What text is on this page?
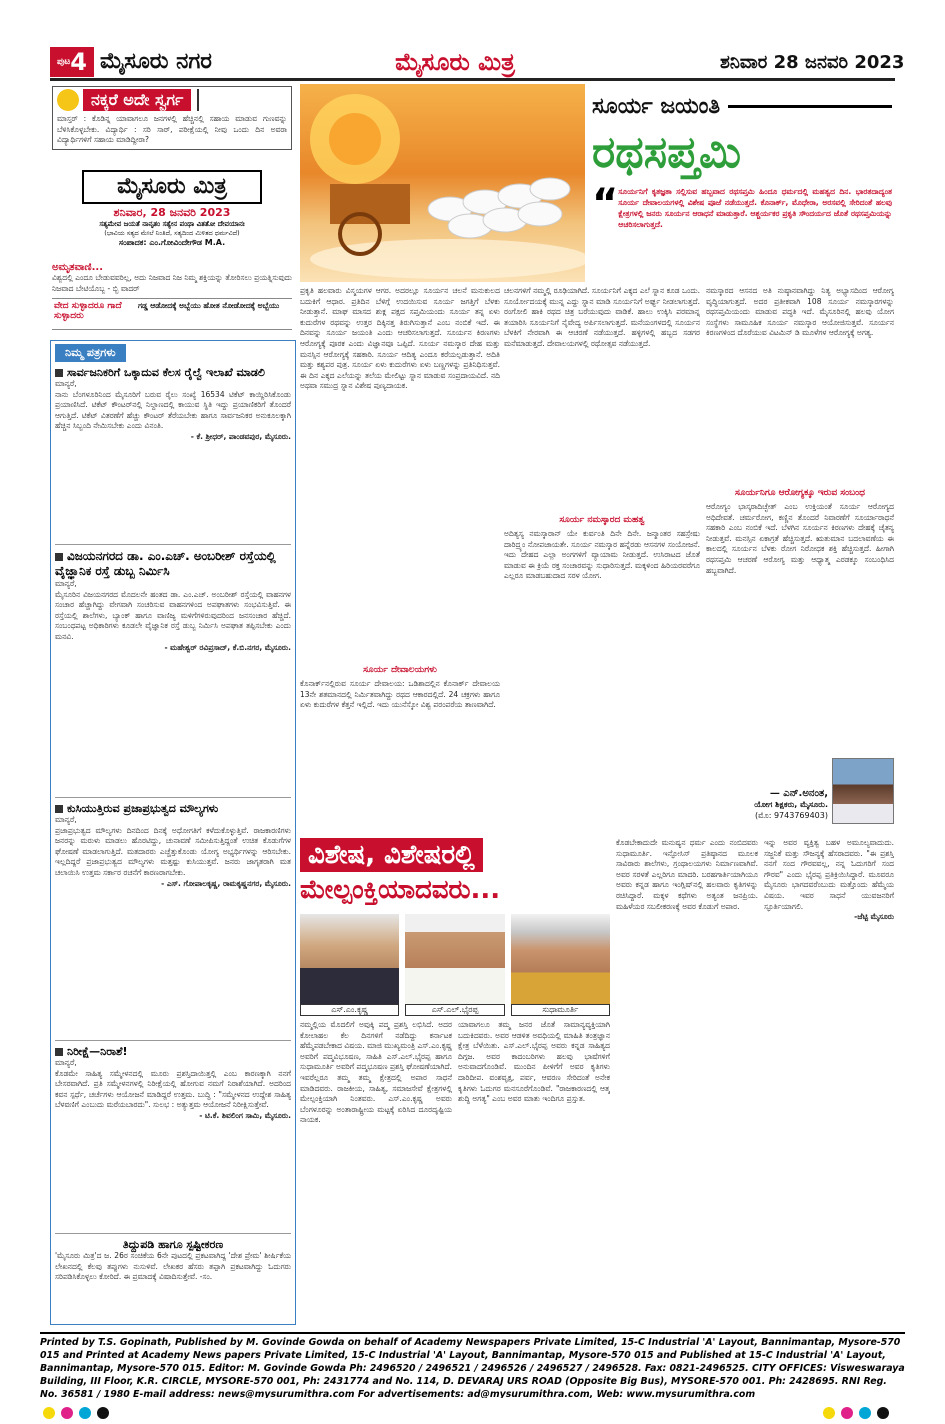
$^{ಪುಟ}$4 ಮೈಸೂರು ನಗರ	ಮೈಸೂರು ಮಿತ್ರ	ಶನಿವಾರ 28 ಜನವರಿ 2023
ನಕ್ಕರೆ ಅದೇ ಸ್ವರ್ಗ
ಮಾಸ್ತರ್ : ಕೊಡಿನ್ನ ಯಾವಾಗಲೂ ಜನಗಳಲ್ಲಿ ಹೆಚ್ಚಿನಲ್ಲಿ ಸಹಾಯ ಮಾಡುವ ಗುಣವನ್ನು ಬೆಳಿಸಿಕೊಳ್ಳಬೇಕು. ವಿದ್ಯಾರ್ಥಿ : ಸರಿ ಸಾರ್, ಪರೀಕ್ಷೆಯಲ್ಲಿ ನೀವು ಒಂದು ದಿನ ಅವರಾ ವಿದ್ಯಾರ್ಥಿಗಳಿಗೆ ಸಹಾಯ ಮಾಡಿದ್ದೀರಾ?
ಮೈಸೂರು ಮಿತ್ರ
ಶನಿವಾರ, 28 ಜನವರಿ 2023
ಸತ್ಯಮೇವ ಜಯತೆ ನಾನೃತಂ ಸತ್ಯೇನ ಪಂಥಾ ವಿತತೋ ದೇವಯಾನಃ
(ಭಾವಿಯ ಸತ್ಯದ ಮೇಲೆ ನಿಂತಿದೆ, ಸತ್ಯದಿಂದ ಮಿಳಿತದ ಧರ್ಮವಿದೆ)
ಸಂಪಾದಕ: ಎಂ.ಗೋವಿಂದೇಗೌಡ M.A.
ಅಮೃತವಾಣಿ...
ವಿಶ್ವದಲ್ಲಿ ಎಂದೂ ಬೇಡುವವರಿಲ್ಲ, ಅದು ನಿಜವಾದ ನಿಜ ನಿಮ್ಮ ಶಕ್ತಿಯನ್ನು ತೋರಿಸಲು ಪ್ರಯತ್ನಿಸುವುದು ನಿಜವಾದ ಬೇಟಿಯೊಬ್ಬ - ಬ್ಬಿ ವಾದರ್
ವೇದ ಸುಳ್ಳಾದರೂ ಗಾದೆ ಸುಳ್ಳಾದರು
ಗಡ್ಡ ಆಡೋದಕ್ಕೆ ಅಬ್ಬೆಯು ಹೋತ ನೋಡೋದಕ್ಕೆ ಅಬ್ಬೆಯು
ನಿಮ್ಮ ಪತ್ರಗಳು
ಸಾರ್ವಜನಿಕರಿಗೆ ಒಕ್ಕಾದುವ ಕೆಲಸ ರೈಲ್ವೆ ಇಲಾಖೆ ಮಾಡಲಿ
ಮಾನ್ಯರೆ,
ನಾನು ಬೆಂಗಳೂರಿನಿಂದ ಮೈಸೂರಿಗೆ ಬರುವ ರೈಲು ಸಂಖ್ಯೆ 16534 ಟಿಕೆಟ್ ಕಾಯ್ದಿರಿಸಿಕೊಂಡು ಪ್ರಯಾಣಿಸಿದೆ. ಟಿಕೆಟ್ ಕೌಂಟರ್‌ನಲ್ಲಿ ನಿಲ್ದಾಣದಲ್ಲಿ ಕಾಯುವ ಸ್ಥಿತಿ ಇದ್ದು ಪ್ರಯಾಣಿಕರಿಗೆ ತೊಂದರೆ ಆಗುತ್ತಿದೆ. ಟಿಕೆಟ್ ವಿತರಣೆಗೆ ಹೆಚ್ಚು ಕೌಂಟರ್ ತೆರೆಯಬೇಕು ಹಾಗೂ ಸಾರ್ವಜನಿಕರ ಅನುಕೂಲಕ್ಕಾಗಿ ಹೆಚ್ಚಿನ ಸಿಬ್ಬಂದಿ ನೇಮಿಸಬೇಕು ಎಂದು ವಿನಂತಿ.
- ಕೆ. ಶ್ರೀಧರ್, ಪಾಂಡವಪುರ, ಮೈಸೂರು.
ವಿಜಯನಗರದ ಡಾ. ಎಂ.ಎಚ್. ಅಂಬರೀಶ್ ರಸ್ತೆಯಲ್ಲಿ ವೈಜ್ಞಾನಿಕ ರಸ್ತೆ ಡುಬ್ಬ ನಿರ್ಮಿಸಿ
ಮಾನ್ಯರೆ,
ಮೈಸೂರಿನ ವಿಜಯನಗರದ ಮೊದಲನೇ ಹಂತದ ಡಾ. ಎಂ.ಎಚ್. ಅಂಬರೀಶ್ ರಸ್ತೆಯಲ್ಲಿ ವಾಹನಗಳ ಸಂಚಾರ ಹೆಚ್ಚಾಗಿದ್ದು ವೇಗವಾಗಿ ಸಂಚರಿಸುವ ವಾಹನಗಳಿಂದ ಅಪಘಾತಗಳು ಸಂಭವಿಸುತ್ತಿವೆ. ಈ ರಸ್ತೆಯಲ್ಲಿ ಶಾಲೆಗಳು, ಬ್ಯಾಂಕ್ ಹಾಗೂ ವಾಣಿಜ್ಯ ಮಳಿಗೆಗಳಿರುವುದರಿಂದ ಜನಸಂಚಾರ ಹೆಚ್ಚಿದೆ. ಸಂಬಂಧಪಟ್ಟ ಅಧಿಕಾರಿಗಳು ಕೂಡಲೇ ವೈಜ್ಞಾನಿಕ ರಸ್ತೆ ಡುಬ್ಬ ನಿರ್ಮಿಸಿ ಅಪಘಾತ ತಪ್ಪಿಸಬೇಕು ಎಂದು ಮನವಿ.
- ಮಹೇಶ್ವರ್ ರವಿಪ್ರಸಾದ್, ಕೆ.ಬಿ.ನಗರ, ಮೈಸೂರು.
ಕುಸಿಯುತ್ತಿರುವ ಪ್ರಜಾಪ್ರಭುತ್ವದ ಮೌಲ್ಯಗಳು
ಮಾನ್ಯರೆ,
ಪ್ರಜಾಪ್ರಭುತ್ವದ ಮೌಲ್ಯಗಳು ದಿನದಿಂದ ದಿನಕ್ಕೆ ಅಧೋಗತಿಗೆ ಕಳೆದುಕೊಳ್ಳುತ್ತಿವೆ. ರಾಜಕಾರಣಿಗಳು ಜನರನ್ನು ಮರುಳು ಮಾಡಲು ಹೊರಟಿದ್ದು, ಚುನಾವಣೆ ಸಮೀಪಿಸುತ್ತಿದ್ದಂತೆ ಉಚಿತ ಕೊಡುಗೆಗಳ ಘೋಷಣೆ ಮಾಡಲಾಗುತ್ತಿದೆ. ಮತದಾರರು ಎಚ್ಚೆತ್ತುಕೊಂಡು ಯೋಗ್ಯ ಅಭ್ಯರ್ಥಿಗಳನ್ನು ಆರಿಸಬೇಕು. ಇಲ್ಲದಿದ್ದರೆ ಪ್ರಜಾಪ್ರಭುತ್ವದ ಮೌಲ್ಯಗಳು ಮತ್ತಷ್ಟು ಕುಸಿಯುತ್ತವೆ. ಜನರು ಜಾಗೃತರಾಗಿ ಮತ ಚಲಾಯಿಸಿ ಉತ್ತಮ ಸರ್ಕಾರ ರಚನೆಗೆ ಕಾರಣರಾಗಬೇಕು.
- ಎಸ್. ಗೋಪಾಲಕೃಷ್ಣ, ರಾಮಕೃಷ್ಣನಗರ, ಮೈಸೂರು.
ನಿರೀಕ್ಷೆ—ನಿರಾಶೆ!
ಮಾನ್ಯರೆ,
ಕೊಡಮೇ ಸಾಹಿತ್ಯ ಸಮ್ಮೇಳನದಲ್ಲಿ ಮೂರು ಪ್ರಶಸ್ತಿದಾಯಿತ್ತಲ್ಲಿ ಎಂಬ ಕಾರಣಕ್ಕಾಗಿ ನನಗೆ ಬೇಸರವಾಗಿದೆ. ಪ್ರತಿ ಸಮ್ಮೇಳನಗಳಲ್ಲಿ ನಿರೀಕ್ಷೆಯಲ್ಲಿ ಹೋಗುವ ನಮಗೆ ನಿರಾಶೆಯಾಗಿದೆ. ಅದರಿಂದ ಕವನ ಸ್ಪರ್ಧೆ, ಚರ್ಚೆಗಳು ಆಯೋಜನೆ ಮಾಡಿದ್ದರೆ ಉತ್ತಮ. ಬುದ್ಧಿ : "ಸಮ್ಮೇಳನದ ಉದ್ದೇಶ ಸಾಹಿತ್ಯ ಬೆಳವಣಿಗೆ ಎಂಬುದು ಮರೆಯಬಾರದು". ಸುಲಭ : ಅತ್ಯುತ್ತಮ ಆಯೋಜನೆ ನಿರೀಕ್ಷಿಸುತ್ತೇವೆ.
- ಟಿ.ಕೆ. ಶಿವಲಿಂಗ ಸಾಮಿ, ಮೈಸೂರು.
ತಿದ್ದುಪಡಿ ಹಾಗೂ ಸ್ಪಷ್ಟೀಕರಣ
'ಮೈಸೂರು ಮಿತ್ರ'ದ ಜ. 26ರ ಸಂಚಿಕೆಯ 6ನೇ ಪುಟದಲ್ಲಿ ಪ್ರಕಟವಾಗಿದ್ದ 'ದೇಶ ಪ್ರೇಮ' ಶೀರ್ಷಿಕೆಯ ಲೇಖನದಲ್ಲಿ ಕೆಲವು ತಪ್ಪುಗಳು ನುಸುಳಿವೆ. ಲೇಖಕರ ಹೆಸರು ತಪ್ಪಾಗಿ ಪ್ರಕಟವಾಗಿದ್ದು ಓದುಗರು ಸರಿಪಡಿಸಿಕೊಳ್ಳಲು ಕೋರಿದೆ. ಈ ಪ್ರಮಾದಕ್ಕೆ ವಿಷಾದಿಸುತ್ತೇವೆ. -ಸಂ.
ಸೂರ್ಯ ಜಯಂತಿ
ರಥಸಪ್ತಮಿ
“ ಸೂರ್ಯನಿಗೆ ಕೃತಜ್ಞತಾ ಸಲ್ಲಿಸುವ ಹಬ್ಬವಾದ ರಥಸಪ್ತಮಿ ಹಿಂದೂ ಧರ್ಮದಲ್ಲಿ ಮಹತ್ವದ ದಿನ. ಭಾರತದಾದ್ಯಂತ ಸೂರ್ಯ ದೇವಾಲಯಗಳಲ್ಲಿ ವಿಶೇಷ ಪೂಜೆ ನಡೆಯುತ್ತದೆ. ಕೊನಾರ್ಕ್, ಮೊಧೇರಾ, ಅರಸವಲ್ಲಿ ಸೇರಿದಂತೆ ಹಲವು ಕ್ಷೇತ್ರಗಳಲ್ಲಿ ಜನರು ಸೂರ್ಯನ ಆರಾಧನೆ ಮಾಡುತ್ತಾರೆ. ಆಶ್ಚರ್ಯಕರ ಪ್ರಕೃತಿ ಸೌಂದರ್ಯದ ಜೊತೆ ರಥಸಪ್ತಮಿಯನ್ನು ಆಚರಿಸಲಾಗುತ್ತದೆ.
ಪ್ರಕೃತಿ ಹಲವಾರು ವಿಸ್ಮಯಗಳ ಆಗರ. ಅದರಲ್ಲೂ ಸೂರ್ಯನ ಚಲನೆ ಮನುಕುಲದ ಬದುಕಿಗೆ ಆಧಾರ. ಪ್ರತಿದಿನ ಬೆಳಿಗ್ಗೆ ಉದಯಿಸುವ ಸೂರ್ಯ ಜಗತ್ತಿಗೆ ಬೆಳಕು ನೀಡುತ್ತಾನೆ. ಮಾಘ ಮಾಸದ ಶುಕ್ಲ ಪಕ್ಷದ ಸಪ್ತಮಿಯಂದು ಸೂರ್ಯ ತನ್ನ ಏಳು ಕುದುರೆಗಳ ರಥವನ್ನು ಉತ್ತರ ದಿಕ್ಕಿನತ್ತ ತಿರುಗಿಸುತ್ತಾನೆ ಎಂಬ ನಂಬಿಕೆ ಇದೆ. ಈ ದಿನವನ್ನು ಸೂರ್ಯ ಜಯಂತಿ ಎಂದು ಆಚರಿಸಲಾಗುತ್ತದೆ. ಸೂರ್ಯನ ಕಿರಣಗಳು ಆರೋಗ್ಯಕ್ಕೆ ಪೂರಕ ಎಂದು ವಿಜ್ಞಾನವೂ ಒಪ್ಪಿದೆ. ಸೂರ್ಯ ನಮಸ್ಕಾರ ದೇಹ ಮತ್ತು ಮನಸ್ಸಿನ ಆರೋಗ್ಯಕ್ಕೆ ಸಹಕಾರಿ. ಸೂರ್ಯ ಆದಿತ್ಯ ಎಂದೂ ಕರೆಯಲ್ಪಡುತ್ತಾನೆ. ಅದಿತಿ ಮತ್ತು ಕಶ್ಯಪರ ಪುತ್ರ. ಸೂರ್ಯ ಏಳು ಕುದುರೆಗಳು ಏಳು ಬಣ್ಣಗಳನ್ನು ಪ್ರತಿನಿಧಿಸುತ್ತವೆ. ಈ ದಿನ ಎಕ್ಕದ ಎಲೆಯನ್ನು ತಲೆಯ ಮೇಲಿಟ್ಟು ಸ್ನಾನ ಮಾಡುವ ಸಂಪ್ರದಾಯವಿದೆ. ನದಿ ಅಥವಾ ಸಮುದ್ರ ಸ್ನಾನ ವಿಶೇಷ ಪುಣ್ಯದಾಯಕ.
ಸೂರ್ಯ ದೇವಾಲಯಗಳು
ಕೊನಾರ್ಕ್‌ನಲ್ಲಿರುವ ಸೂರ್ಯ ದೇವಾಲಯ: ಒಡಿಶಾದಲ್ಲಿನ ಕೊನಾರ್ಕ್ ದೇವಾಲಯ 13ನೇ ಶತಮಾನದಲ್ಲಿ ನಿರ್ಮಿತವಾಗಿದ್ದು ರಥದ ಆಕಾರದಲ್ಲಿದೆ. 24 ಚಕ್ರಗಳು ಹಾಗೂ ಏಳು ಕುದುರೆಗಳ ಕೆತ್ತನೆ ಇಲ್ಲಿದೆ. ಇದು ಯುನೆಸ್ಕೋ ವಿಶ್ವ ಪರಂಪರೆಯ ತಾಣವಾಗಿದೆ.
ಚಲನಗಳಿಗೆ ನಮ್ಮಲ್ಲಿ ರೂಢಿಯಾಗಿದೆ. ಸೂರ್ಯನಿಗೆ ಎಕ್ಕದ ಎಲೆ ಸ್ನಾನ ಕೂಡ ಒಂದು. ಸೂರ್ಯೋದಯಕ್ಕೆ ಮುನ್ನ ಎದ್ದು ಸ್ನಾನ ಮಾಡಿ ಸೂರ್ಯನಿಗೆ ಅರ್ಘ್ಯ ನೀಡಲಾಗುತ್ತದೆ. ರಂಗೋಲಿ ಹಾಕಿ ರಥದ ಚಿತ್ರ ಬರೆಯುವುದು ವಾಡಿಕೆ. ಹಾಲು ಉಕ್ಕಿಸಿ ಪರಮಾನ್ನ ತಯಾರಿಸಿ ಸೂರ್ಯನಿಗೆ ನೈವೇದ್ಯ ಅರ್ಪಿಸಲಾಗುತ್ತದೆ. ಮನೆಯಂಗಳದಲ್ಲಿ ಸೂರ್ಯನ ಬೆಳಕಿಗೆ ನೇರವಾಗಿ ಈ ಆಚರಣೆ ನಡೆಯುತ್ತದೆ. ಹಳ್ಳಿಗಳಲ್ಲಿ ಹಬ್ಬದ ಸಡಗರ ಮನೆಮಾಡುತ್ತದೆ. ದೇವಾಲಯಗಳಲ್ಲಿ ರಥೋತ್ಸವ ನಡೆಯುತ್ತದೆ.
ಸೂರ್ಯ ನಮಸ್ಕಾರದ ಮಹತ್ವ
ಅದಿತ್ಯಸ್ಯ ನಮಸ್ಕಾರಾನ್ ಯೇ ಕುರ್ವಂತಿ ದಿನೇ ದಿನೇ. ಜನ್ಮಾಂತರ ಸಹಸ್ರೇಷು ದಾರಿದ್ರ್ಯಂ ನೋಪಜಾಯತೇ. ಸೂರ್ಯ ನಮಸ್ಕಾರ ಹನ್ನೆರಡು ಆಸನಗಳ ಸಂಯೋಜನೆ. ಇದು ದೇಹದ ಎಲ್ಲಾ ಅಂಗಗಳಿಗೆ ವ್ಯಾಯಾಮ ನೀಡುತ್ತದೆ. ಉಸಿರಾಟದ ಜೊತೆ ಮಾಡುವ ಈ ಕ್ರಿಯೆ ರಕ್ತ ಸಂಚಾರವನ್ನು ಸುಧಾರಿಸುತ್ತದೆ. ಮಕ್ಕಳಿಂದ ಹಿರಿಯರವರೆಗೂ ಎಲ್ಲರೂ ಮಾಡಬಹುದಾದ ಸರಳ ಯೋಗ.
ನಮಸ್ಕಾರದ ಆಸನದ ಅತಿ ನುಷ್ಠಾನವಾಗಿದ್ದು ನಿತ್ಯ ಅಭ್ಯಾಸದಿಂದ ಆರೋಗ್ಯ ವೃದ್ಧಿಯಾಗುತ್ತದೆ. ಅದರ ಪ್ರತೀಕವಾಗಿ 108 ಸೂರ್ಯ ನಮಸ್ಕಾರಗಳನ್ನು ರಥಸಪ್ತಮಿಯಂದು ಮಾಡುವ ಪದ್ಧತಿ ಇದೆ. ಮೈಸೂರಿನಲ್ಲಿ ಹಲವು ಯೋಗ ಸಂಸ್ಥೆಗಳು ಸಾಮೂಹಿಕ ಸೂರ್ಯ ನಮಸ್ಕಾರ ಆಯೋಜಿಸುತ್ತವೆ. ಸೂರ್ಯನ ಕಿರಣಗಳಿಂದ ದೊರೆಯುವ ವಿಟಮಿನ್ ಡಿ ಮೂಳೆಗಳ ಆರೋಗ್ಯಕ್ಕೆ ಅಗತ್ಯ.
ಸೂರ್ಯನಿಗೂ ಆರೋಗ್ಯಕ್ಕೂ ಇರುವ ಸಂಬಂಧ
ಆರೋಗ್ಯಂ ಭಾಸ್ಕರಾದಿಚ್ಛೇತ್ ಎಂಬ ಉಕ್ತಿಯಂತೆ ಸೂರ್ಯ ಆರೋಗ್ಯದ ಅಧಿದೇವತೆ. ಚರ್ಮರೋಗ, ಕಣ್ಣಿನ ತೊಂದರೆ ನಿವಾರಣೆಗೆ ಸೂರ್ಯಾರಾಧನೆ ಸಹಕಾರಿ ಎಂಬ ನಂಬಿಕೆ ಇದೆ. ಬೆಳಗಿನ ಸೂರ್ಯನ ಕಿರಣಗಳು ದೇಹಕ್ಕೆ ಚೈತನ್ಯ ನೀಡುತ್ತವೆ. ಮನಸ್ಸಿನ ಏಕಾಗ್ರತೆ ಹೆಚ್ಚಿಸುತ್ತದೆ. ಋತುಮಾನ ಬದಲಾವಣೆಯ ಈ ಕಾಲದಲ್ಲಿ ಸೂರ್ಯನ ಬೆಳಕು ರೋಗ ನಿರೋಧಕ ಶಕ್ತಿ ಹೆಚ್ಚಿಸುತ್ತದೆ. ಹೀಗಾಗಿ ರಥಸಪ್ತಮಿ ಆಚರಣೆ ಆರೋಗ್ಯ ಮತ್ತು ಆಧ್ಯಾತ್ಮ ಎರಡಕ್ಕೂ ಸಂಬಂಧಿಸಿದ ಹಬ್ಬವಾಗಿದೆ.
— ಎನ್.ಅನಂತ,
ಯೋಗ ಶಿಕ್ಷಕರು, ಮೈಸೂರು.
(ಮೊ: 9743769403)
ವಿಶೇಷ, ವಿಶೇಷರಲ್ಲಿ
ಮೇಲ್ಪಂಕ್ತಿಯಾದವರು...
ಎಸ್.ಎಂ.ಕೃಷ್ಣ	ಎಸ್.ಎಲ್.ಭೈರಪ್ಪ	ಸುಧಾಮೂರ್ತಿ
ನಮ್ಮಲ್ಲಿಯ ಮೊದಲಿಗೆ ಅವುಕ್ಕಿ ಪದ್ಮ ಪ್ರಶಸ್ತಿ ಲಭಿಸಿದೆ. ಅದರ ಕೋಲಾಹಲ ಕೆಲ ದಿನಗಳಿಗೆ ನಡೆದಿದ್ದು ಕರ್ನಾಟಕ ಹೆಮ್ಮೆಪಡಬೇಕಾದ ವಿಷಯ. ಮಾಜಿ ಮುಖ್ಯಮಂತ್ರಿ ಎಸ್.ಎಂ.ಕೃಷ್ಣ ಅವರಿಗೆ ಪದ್ಮವಿಭೂಷಣ, ಸಾಹಿತಿ ಎಸ್.ಎಲ್.ಭೈರಪ್ಪ ಹಾಗೂ ಸುಧಾಮೂರ್ತಿ ಅವರಿಗೆ ಪದ್ಮಭೂಷಣ ಪ್ರಶಸ್ತಿ ಘೋಷಣೆಯಾಗಿದೆ. ಇವರೆಲ್ಲರೂ ತಮ್ಮ ತಮ್ಮ ಕ್ಷೇತ್ರದಲ್ಲಿ ಅಪಾರ ಸಾಧನೆ ಮಾಡಿದವರು. ರಾಜಕೀಯ, ಸಾಹಿತ್ಯ, ಸಮಾಜಸೇವೆ ಕ್ಷೇತ್ರಗಳಲ್ಲಿ ಮೇಲ್ಪಂಕ್ತಿಯಾಗಿ ನಿಂತವರು. ಎಸ್.ಎಂ.ಕೃಷ್ಣ ಅವರು ಬೆಂಗಳೂರನ್ನು ಅಂತಾರಾಷ್ಟ್ರೀಯ ಮಟ್ಟಕ್ಕೆ ಏರಿಸಿದ ದೂರದೃಷ್ಟಿಯ ನಾಯಕ.
ಯಾವಾಗಲೂ ತಮ್ಮ ಜನರ ಜೊತೆ ಸಾಮಾನ್ಯವ್ಯಕ್ತಿಯಾಗಿ ಬದುಕಿದವರು. ಅವರ ಆಡಳಿತ ಅವಧಿಯಲ್ಲಿ ಮಾಹಿತಿ ತಂತ್ರಜ್ಞಾನ ಕ್ಷೇತ್ರ ಬೆಳೆಯಿತು. ಎಸ್.ಎಲ್.ಭೈರಪ್ಪ ಅವರು ಕನ್ನಡ ಸಾಹಿತ್ಯದ ದಿಗ್ಗಜ. ಅವರ ಕಾದಂಬರಿಗಳು ಹಲವು ಭಾಷೆಗಳಿಗೆ ಅನುವಾದಗೊಂಡಿವೆ. ಮುಂದಿನ ಪೀಳಿಗೆಗೆ ಅವರ ಕೃತಿಗಳು ದಾರಿದೀಪ. ವಂಶವೃಕ್ಷ, ಪರ್ವ, ಆವರಣ ಸೇರಿದಂತೆ ಅನೇಕ ಕೃತಿಗಳು ಓದುಗರ ಮನಸೂರೆಗೊಂಡಿವೆ. "ರಾಜಕಾರಣದಲ್ಲಿ ಆತ್ಮ ಶುದ್ಧಿ ಅಗತ್ಯ" ಎಂಬ ಅವರ ಮಾತು ಇಂದಿಗೂ ಪ್ರಸ್ತುತ.
ಕೊಡಬೇಕಾದುದೇ ಮನುಷ್ಯನ ಧರ್ಮ ಎಂದು ನಂಬಿದವರು ಸುಧಾಮೂರ್ತಿ. ಇನ್ಫೋಸಿಸ್ ಪ್ರತಿಷ್ಠಾನದ ಮೂಲಕ ಸಾವಿರಾರು ಶಾಲೆಗಳು, ಗ್ರಂಥಾಲಯಗಳು ನಿರ್ಮಾಣವಾಗಿವೆ. ಅವರ ಸರಳತೆ ಎಲ್ಲರಿಗೂ ಮಾದರಿ. ಬರಹಗಾರ್ತಿಯಾಗಿಯೂ ಅವರು ಕನ್ನಡ ಹಾಗೂ ಇಂಗ್ಲಿಷ್‌ನಲ್ಲಿ ಹಲವಾರು ಕೃತಿಗಳನ್ನು ರಚಿಸಿದ್ದಾರೆ. ಮಕ್ಕಳ ಕಥೆಗಳು ಅತ್ಯಂತ ಜನಪ್ರಿಯ. ಮಹಿಳೆಯರ ಸಬಲೀಕರಣಕ್ಕೆ ಅವರ ಕೊಡುಗೆ ಅಪಾರ.
ಇನ್ನು ಅವರ ವ್ಯಕ್ತಿತ್ವ ಬಹಳ ಅಮೂಲ್ಯವಾದುದು. ಸಜ್ಜನಿಕೆ ಮತ್ತು ಸೌಜನ್ಯಕ್ಕೆ ಹೆಸರಾದವರು. "ಈ ಪ್ರಶಸ್ತಿ ನನಗೆ ಸಂದ ಗೌರವವಲ್ಲ, ನನ್ನ ಓದುಗರಿಗೆ ಸಂದ ಗೌರವ" ಎಂದು ಭೈರಪ್ಪ ಪ್ರತಿಕ್ರಿಯಿಸಿದ್ದಾರೆ. ಮೂವರೂ ಮೈಸೂರು ಭಾಗದವರೆಂಬುದು ಮತ್ತೊಂದು ಹೆಮ್ಮೆಯ ವಿಷಯ. ಇವರ ಸಾಧನೆ ಯುವಜನರಿಗೆ ಸ್ಫೂರ್ತಿಯಾಗಲಿ.
-ಜೆಟ್ಟಿ ಮೈಸೂರು
Printed by T.S. Gopinath, Published by M. Govinde Gowda on behalf of Academy Newspapers Private Limited, 15-C Industrial 'A' Layout, Bannimantap, Mysore-570 015 and Printed at Academy News papers Private Limited, 15-C Industrial 'A' Layout, Bannimantap, Mysore-570 015 and Published at 15-C Industrial 'A' Layout, Bannimantap, Mysore-570 015. Editor: M. Govinde Gowda Ph: 2496520 / 2496521 / 2496526 / 2496527 / 2496528. Fax: 0821-2496525. CITY OFFICES: Visweswaraya Building, III Floor, K.R. CIRCLE, MYSORE-570 001, Ph: 2431774 and No. 114, D. DEVARAJ URS ROAD (Opposite Big Bus), MYSORE-570 001. Ph: 2428695. RNI Reg. No. 36581 / 1980 E-mail address: news@mysurumithra.com For advertisements: ad@mysurumithra.com, Web: www.mysurumithra.com
